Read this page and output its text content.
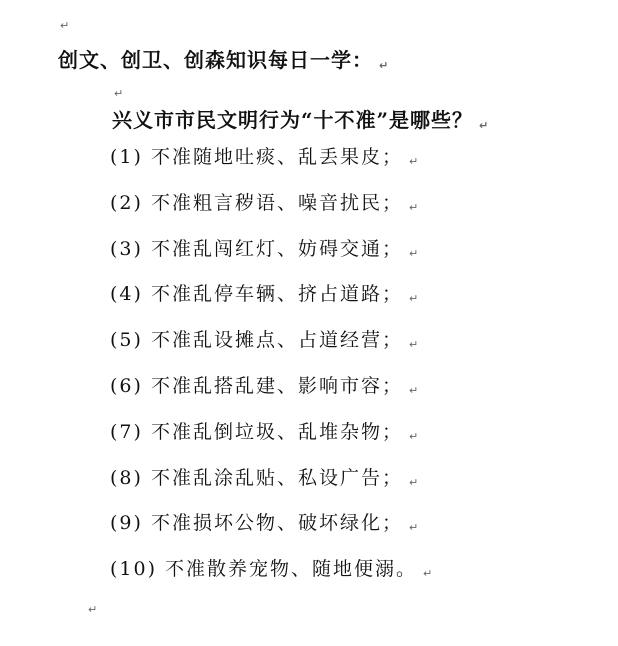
↵
创文、创卫、创森知识每日一学： ↵
↵
兴义市市民文明行为“十不准”是哪些？ ↵
(1) 不准随地吐痰、乱丢果皮； ↵
(2) 不准粗言秽语、噪音扰民； ↵
(3) 不准乱闯红灯、妨碍交通； ↵
(4) 不准乱停车辆、挤占道路； ↵
(5) 不准乱设摊点、占道经营； ↵
(6) 不准乱搭乱建、影响市容； ↵
(7) 不准乱倒垃圾、乱堆杂物； ↵
(8) 不准乱涂乱贴、私设广告； ↵
(9) 不准损坏公物、破坏绿化； ↵
(10) 不准散养宠物、随地便溺。 ↵
↵
